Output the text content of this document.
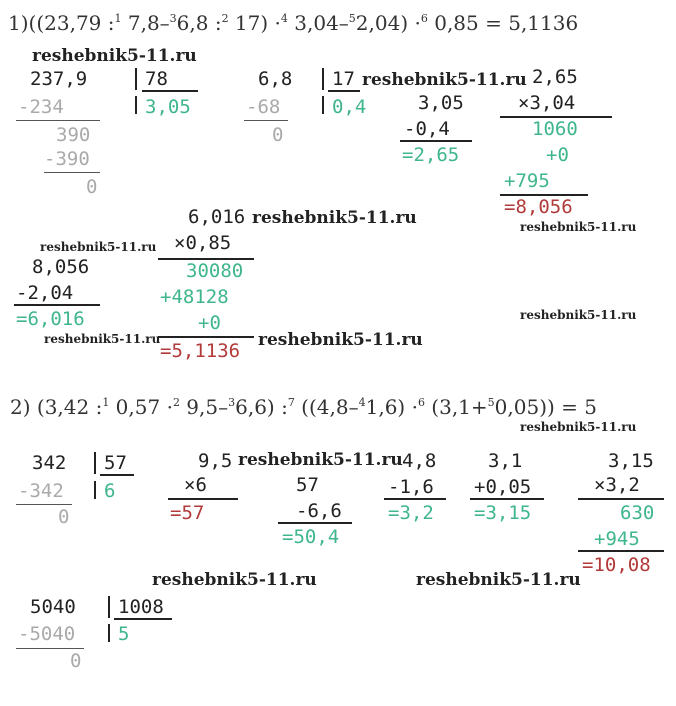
1)((23,79 :$^1$ 7,8–$^3$6,8 :$^2$ 17) ·$^4$ 3,04–$^5$2,04) ·$^6$ 0,85 = 5,1136
237,9	78
3,05
-234
390
-390
0
6,8 17
0,4
-68
0
3,05
-0,4
=2,65
2,65
×3,04
1060
+0
+795
=8,056
8,056
-2,04
=6,016
6,016
×0,85
30080
+48128
+0
=5,1136
2) (3,42 :$^1$ 0,57 ·$^2$ 9,5–$^3$6,6) :$^7$ ((4,8–$^4$1,6) ·$^6$ (3,1+$^5$0,05)) = 5
342 57
6
-342
0
9,5
×6
=57
57
-6,6
=50,4
4,8
-1,6
=3,2
3,1
+0,05
=3,15
3,15
×3,2
630
+945
=10,08
5040 1008
5
-5040
0
reshebnik5-11.ru
reshebnik5-11.ru
reshebnik5-11.ru
reshebnik5-11.ru
reshebnik5-11.ru
reshebnik5-11.ru
reshebnik5-11.ru	reshebnik5-11.ru
reshebnik5-11.ru
reshebnik5-11.ru
reshebnik5-11.ru	reshebnik5-11.ru
